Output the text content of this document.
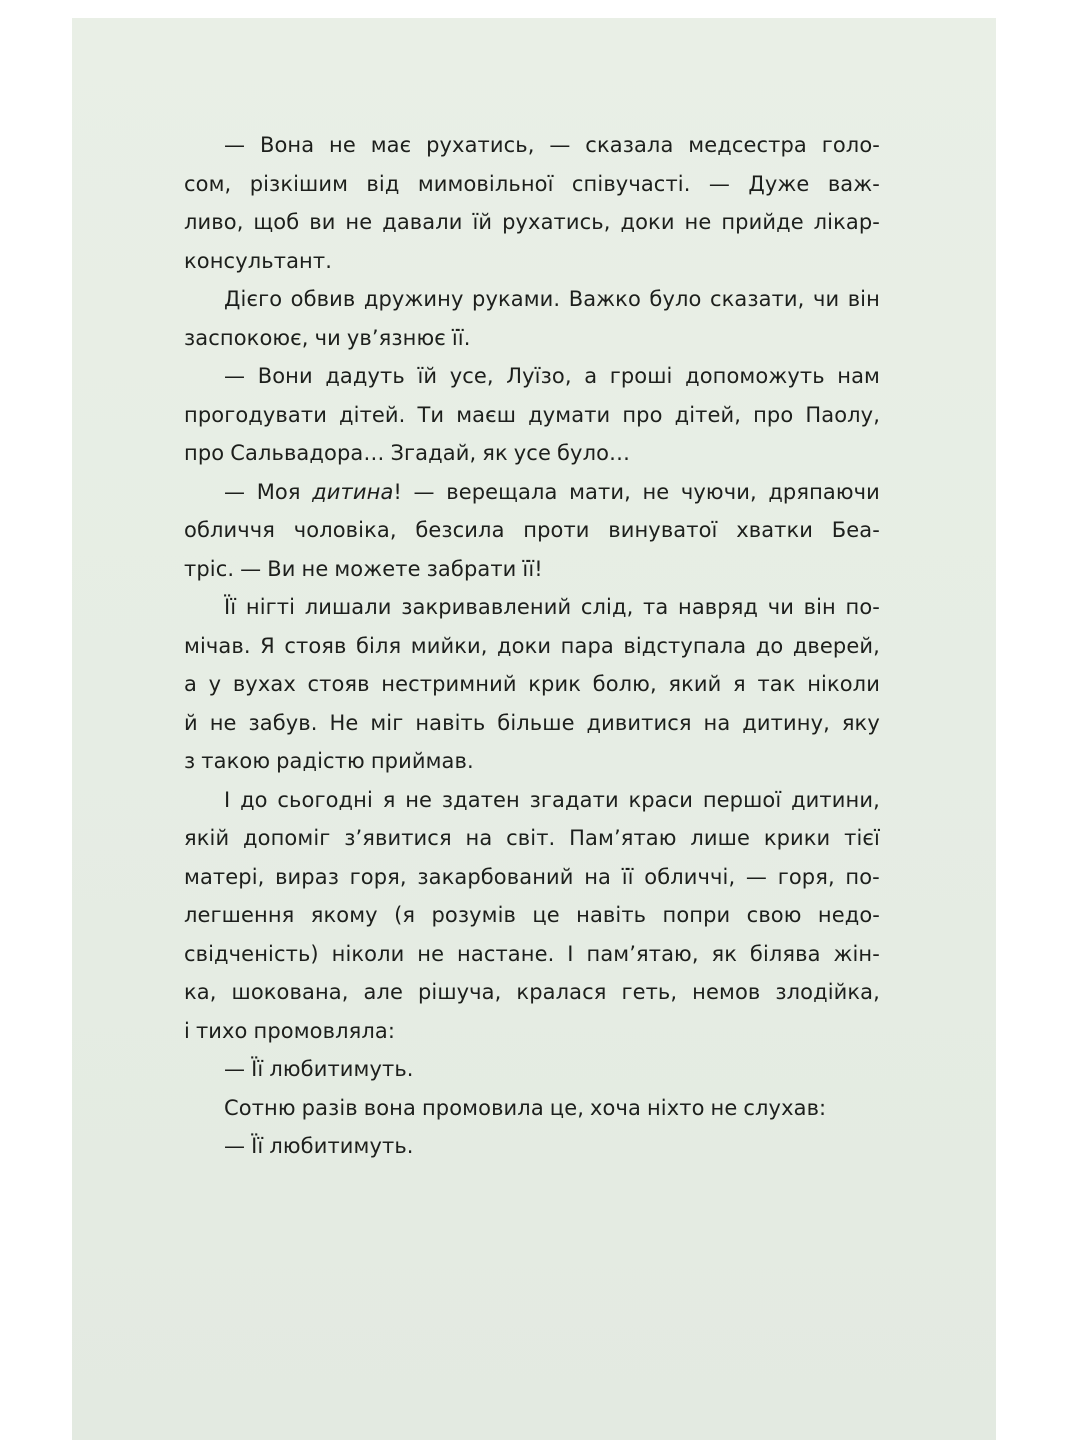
— Вона не має рухатись, — сказала медсестра голо-
сом, різкішим від мимовільної співучасті. — Дуже важ-
ливо, щоб ви не давали їй рухатись, доки не прийде лікар-
консультант.
Дієго обвив дружину руками. Важко було сказати, чи він
заспокоює, чи ув’язнює її.
— Вони дадуть їй усе, Луїзо, а гроші допоможуть нам
прогодувати дітей. Ти маєш думати про дітей, про Паолу,
про Сальвадора… Згадай, як усе було…
— Моя дитина! — верещала мати, не чуючи, дряпаючи
обличчя чоловіка, безсила проти винуватої хватки Беа-
тріс. — Ви не можете забрати її!
Її нігті лишали закривавлений слід, та навряд чи він по-
мічав. Я стояв біля мийки, доки пара відступала до дверей,
а у вухах стояв нестримний крик болю, який я так ніколи
й не забув. Не міг навіть більше дивитися на дитину, яку
з такою радістю приймав.
І до сьогодні я не здатен згадати краси першої дитини,
якій допоміг з’явитися на світ. Пам’ятаю лише крики тієї
матері, вираз горя, закарбований на її обличчі, — горя, по-
легшення якому (я розумів це навіть попри свою недо-
свідченість) ніколи не настане. І пам’ятаю, як білява жін-
ка, шокована, але рішуча, кралася геть, немов злодійка,
і тихо промовляла:
— Її любитимуть.
Сотню разів вона промовила це, хоча ніхто не слухав:
— Її любитимуть.
